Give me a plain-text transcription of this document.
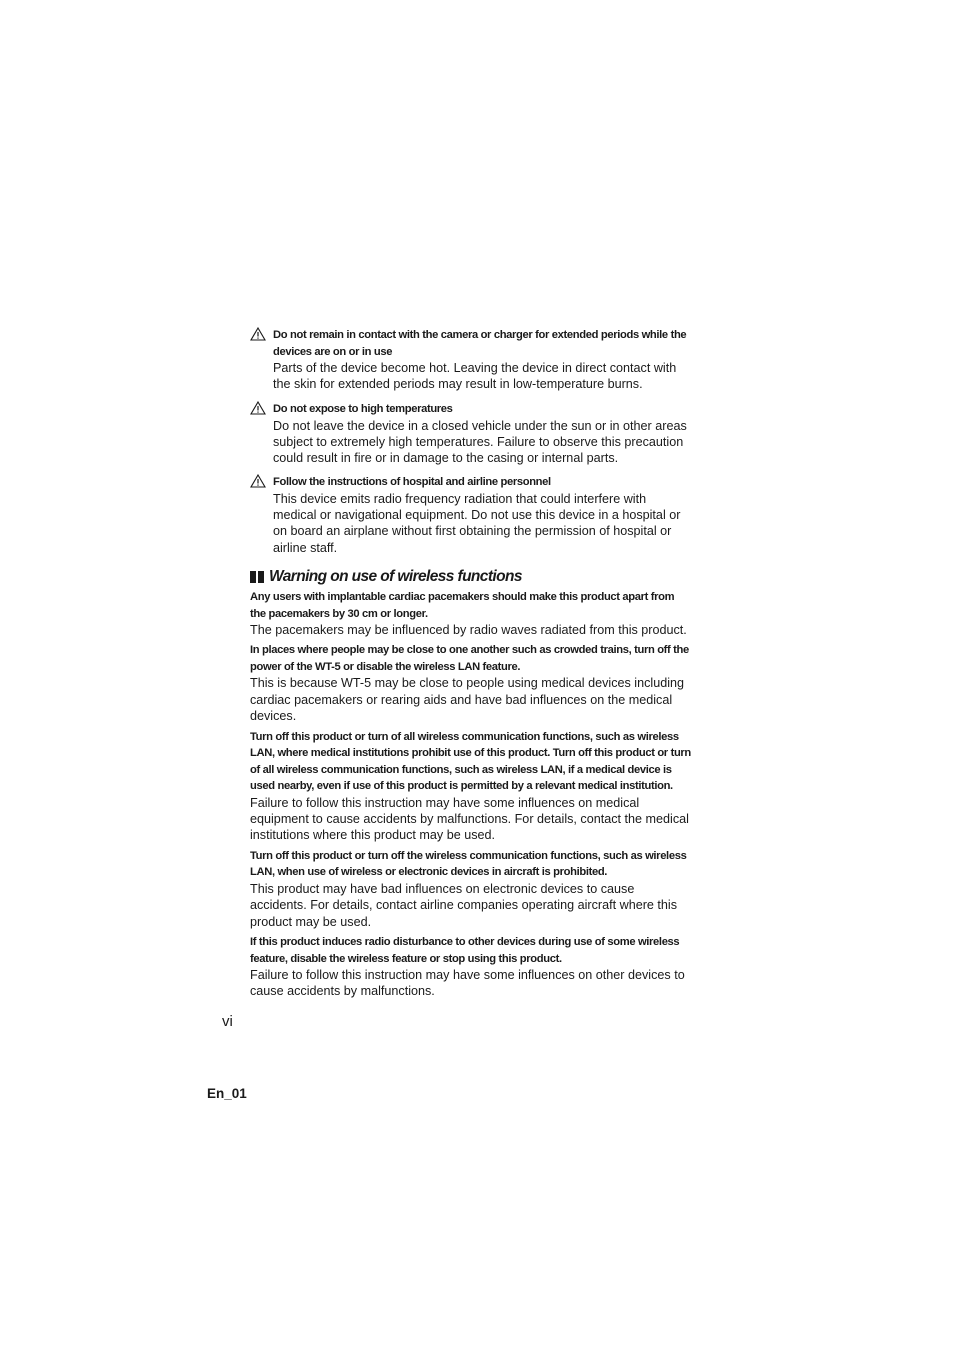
Do not remain in contact with the camera or charger for extended periods while the devices are on or in use

Parts of the device become hot. Leaving the device in direct contact with the skin for extended periods may result in low-temperature burns.

Do not expose to high temperatures

Do not leave the device in a closed vehicle under the sun or in other areas subject to extremely high temperatures. Failure to observe this precaution could result in fire or in damage to the casing or internal parts.

Follow the instructions of hospital and airline personnel

This device emits radio frequency radiation that could interfere with medical or navigational equipment. Do not use this device in a hospital or on board an airplane without first obtaining the permission of hospital or airline staff.

Warning on use of wireless functions
Any users with implantable cardiac pacemakers should make this product apart from the pacemakers by 30 cm or longer.

The pacemakers may be influenced by radio waves radiated from this product.

In places where people may be close to one another such as crowded trains, turn off the power of the WT-5 or disable the wireless LAN feature.

This is because WT-5 may be close to people using medical devices including cardiac pacemakers or rearing aids and have bad influences on the medical devices.

Turn off this product or turn of all wireless communication functions, such as wireless LAN, where medical institutions prohibit use of this product. Turn off this product or turn of all wireless communication functions, such as wireless LAN, if a medical device is used nearby, even if use of this product is permitted by a relevant medical institution.

Failure to follow this instruction may have some influences on medical equipment to cause accidents by malfunctions. For details, contact the medical institutions where this product may be used.

Turn off this product or turn off the wireless communication functions, such as wireless LAN, when use of wireless or electronic devices in aircraft is prohibited.

This product may have bad influences on electronic devices to cause accidents. For details, contact airline companies operating aircraft where this product may be used.

If this product induces radio disturbance to other devices during use of some wireless feature, disable the wireless feature or stop using this product.

Failure to follow this instruction may have some influences on other devices to cause accidents by malfunctions.

vi
En_01
